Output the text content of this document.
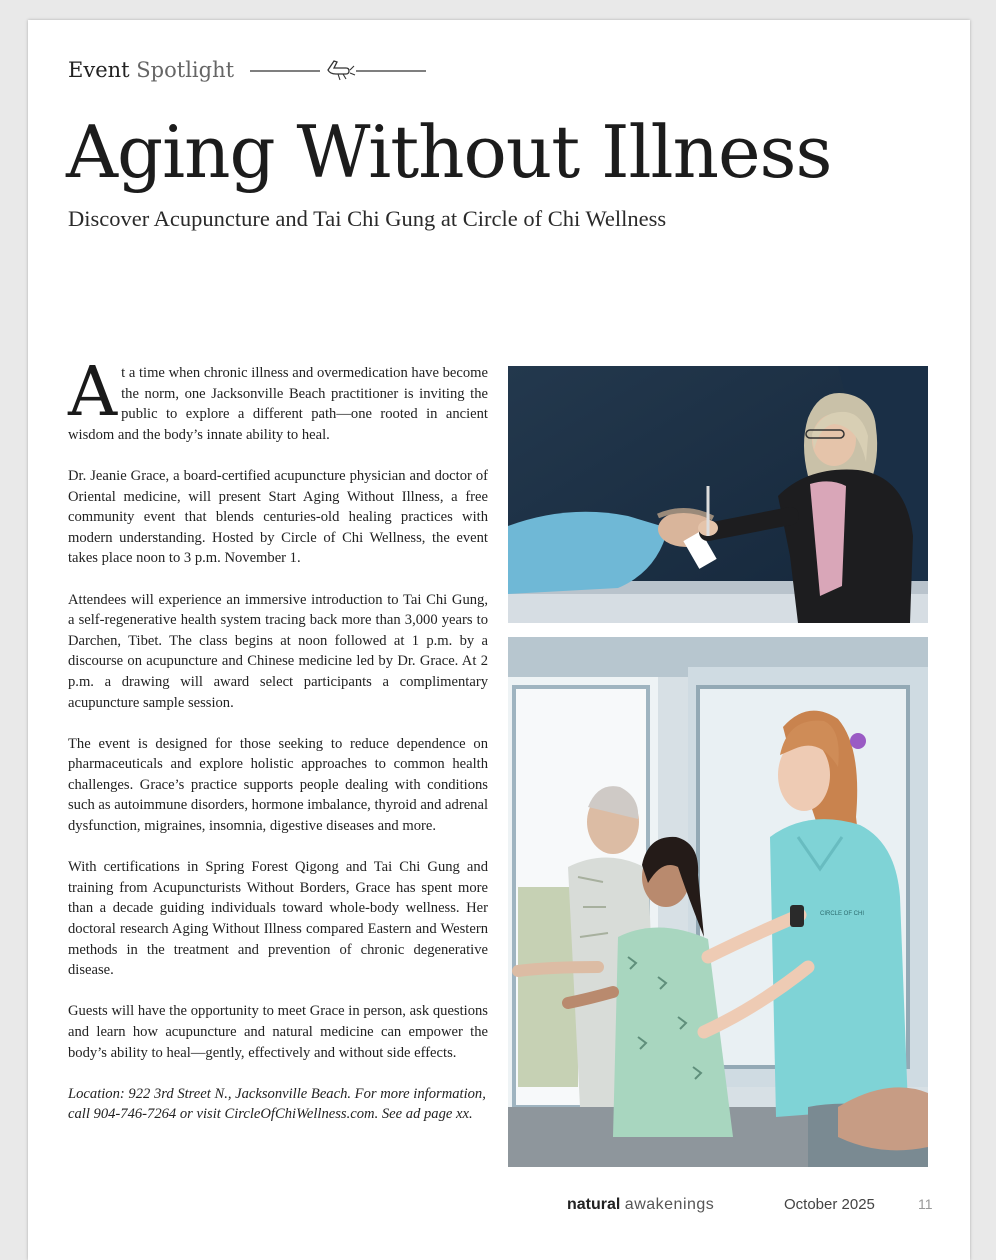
Event Spotlight
Aging Without Illness
Discover Acupuncture and Tai Chi Gung at Circle of Chi Wellness

At a time when chronic illness and overmedication have become the norm, one Jacksonville Beach practitioner is inviting the public to explore a different path—one rooted in ancient wisdom and the body’s innate ability to heal.

Dr. Jeanie Grace, a board-certified acupuncture physician and doctor of Oriental medicine, will present Start Aging Without Illness, a free community event that blends centuries-old healing practices with modern understanding. Hosted by Circle of Chi Wellness, the event takes place noon to 3 p.m. November 1.

Attendees will experience an immersive introduction to Tai Chi Gung, a self-regenerative health system tracing back more than 3,000 years to Darchen, Tibet. The class begins at noon followed at 1 p.m. by a discourse on acupuncture and Chinese medicine led by Dr. Grace. At 2 p.m. a drawing will award select participants a complimentary acupuncture sample session.

The event is designed for those seeking to reduce dependence on pharmaceuticals and explore holistic approaches to common health challenges. Grace’s practice supports people dealing with conditions such as autoimmune disorders, hormone imbalance, thyroid and adrenal dysfunction, migraines, insomnia, digestive diseases and more.

With certifications in Spring Forest Qigong and Tai Chi Gung and training from Acupuncturists Without Borders, Grace has spent more than a decade guiding individuals toward whole-body wellness. Her doctoral research Aging Without Illness compared Eastern and Western methods in the treatment and prevention of chronic degenerative disease.

Guests will have the opportunity to meet Grace in person, ask questions and learn how acupuncture and natural medicine can empower the body’s ability to heal—gently, effectively and without side effects.

Location: 922 3rd Street N., Jacksonville Beach. For more information, call 904-746-7264 or visit CircleOfChiWellness.com. See ad page xx.

CIRCLE OF CHI
natural awakenings	October 2025	11
